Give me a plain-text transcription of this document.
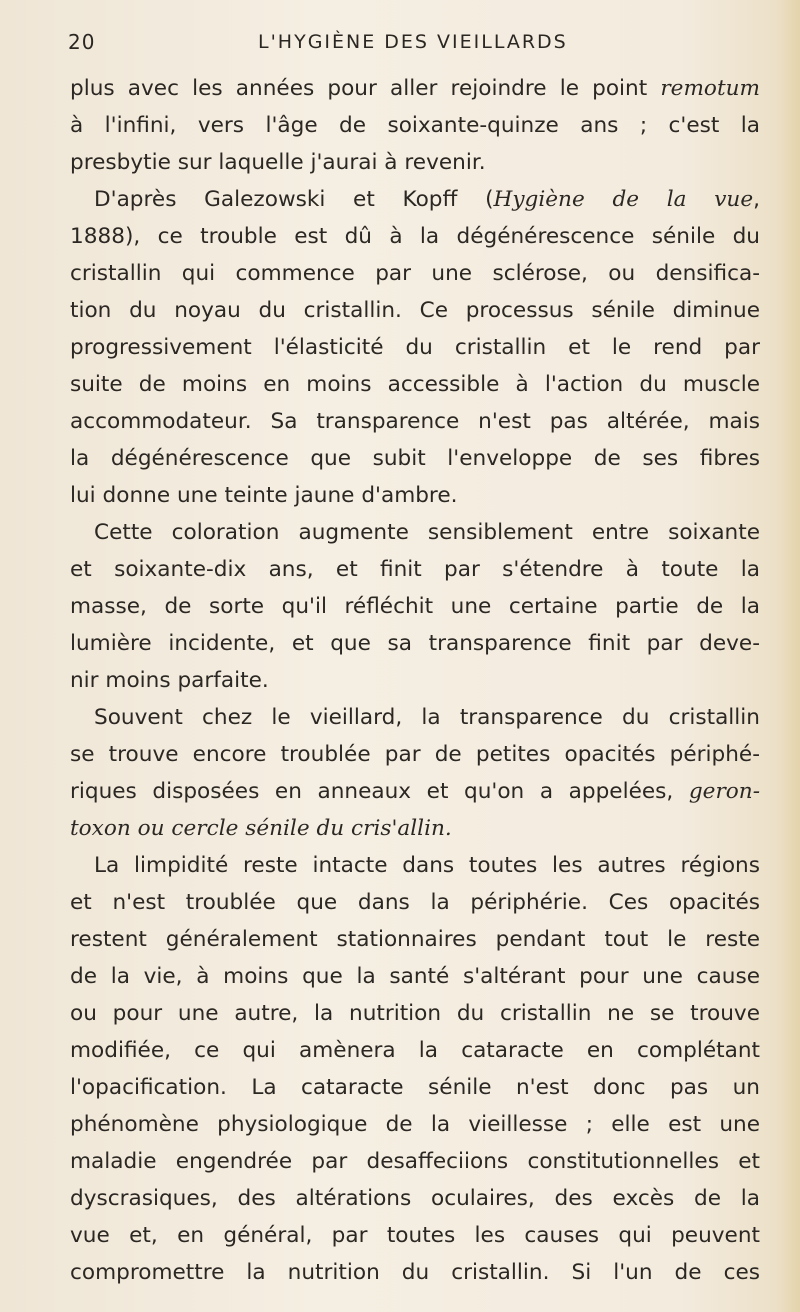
20	L'HYGIÈNE DES VIEILLARDS
plus avec les années pour aller rejoindre le point remotum
à l'infini, vers l'âge de soixante-quinze ans ; c'est la
presbytie sur laquelle j'aurai à revenir.
D'après Galezowski et Kopff (Hygiène de la vue,
1888), ce trouble est dû à la dégénérescence sénile du
cristallin qui commence par une sclérose, ou densifica-
tion du noyau du cristallin. Ce processus sénile diminue
progressivement l'élasticité du cristallin et le rend par
suite de moins en moins accessible à l'action du muscle
accommodateur. Sa transparence n'est pas altérée, mais
la dégénérescence que subit l'enveloppe de ses fibres
lui donne une teinte jaune d'ambre.
Cette coloration augmente sensiblement entre soixante
et soixante-dix ans, et finit par s'étendre à toute la
masse, de sorte qu'il réfléchit une certaine partie de la
lumière incidente, et que sa transparence finit par deve-
nir moins parfaite.
Souvent chez le vieillard, la transparence du cristallin
se trouve encore troublée par de petites opacités périphé-
riques disposées en anneaux et qu'on a appelées, geron-
toxon ou cercle sénile du cris'allin.
La limpidité reste intacte dans toutes les autres régions
et n'est troublée que dans la périphérie. Ces opacités
restent généralement stationnaires pendant tout le reste
de la vie, à moins que la santé s'altérant pour une cause
ou pour une autre, la nutrition du cristallin ne se trouve
modifiée, ce qui amènera la cataracte en complétant
l'opacification. La cataracte sénile n'est donc pas un
phénomène physiologique de la vieillesse ; elle est une
maladie engendrée par desaffeciions constitutionnelles et
dyscrasiques, des altérations oculaires, des excès de la
vue et, en général, par toutes les causes qui peuvent
compromettre la nutrition du cristallin. Si l'un de ces
